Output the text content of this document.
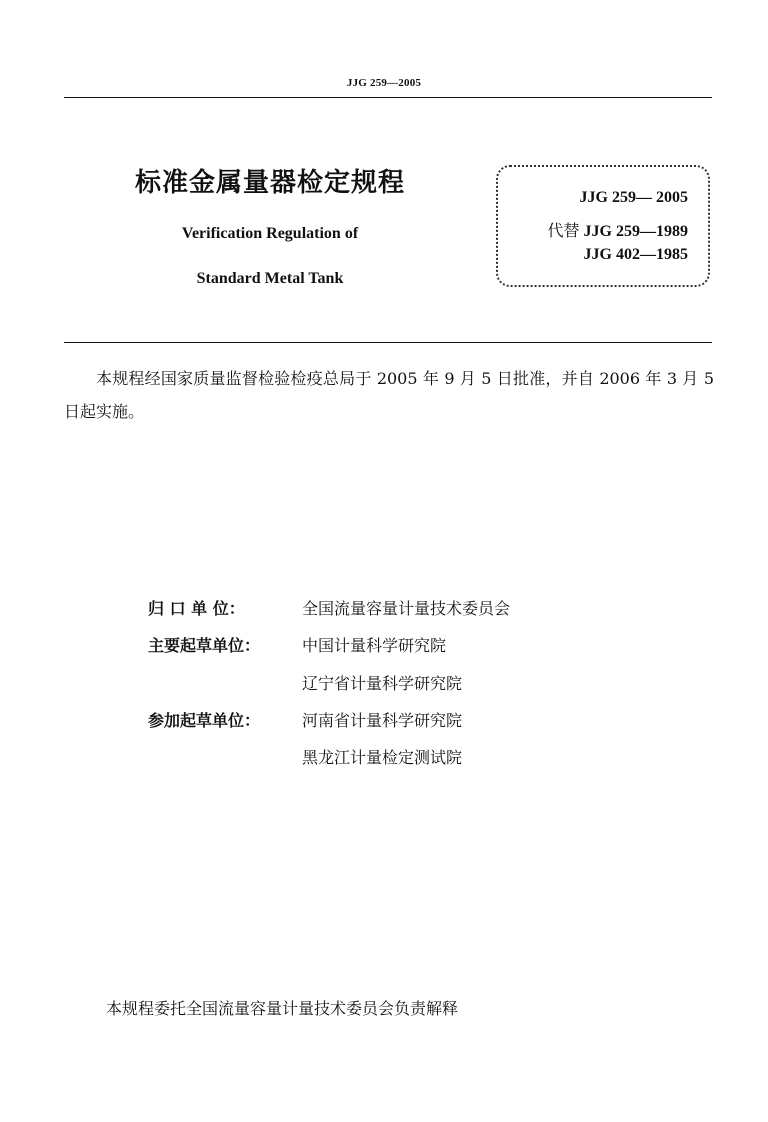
JJG 259—2005
标准金属量器检定规程
Verification Regulation of
Standard Metal Tank
JJG 259— 2005
代替 JJG 259—1989
JJG 402—1985
本规程经国家质量监督检验检疫总局于 2005 年 9 月 5 日批准，并自 2006 年 3 月 5 日起实施。
归 口 单 位：	全国流量容量计量技术委员会
主要起草单位：	中国计量科学研究院
辽宁省计量科学研究院
参加起草单位：	河南省计量科学研究院
黑龙江计量检定测试院
本规程委托全国流量容量计量技术委员会负责解释
